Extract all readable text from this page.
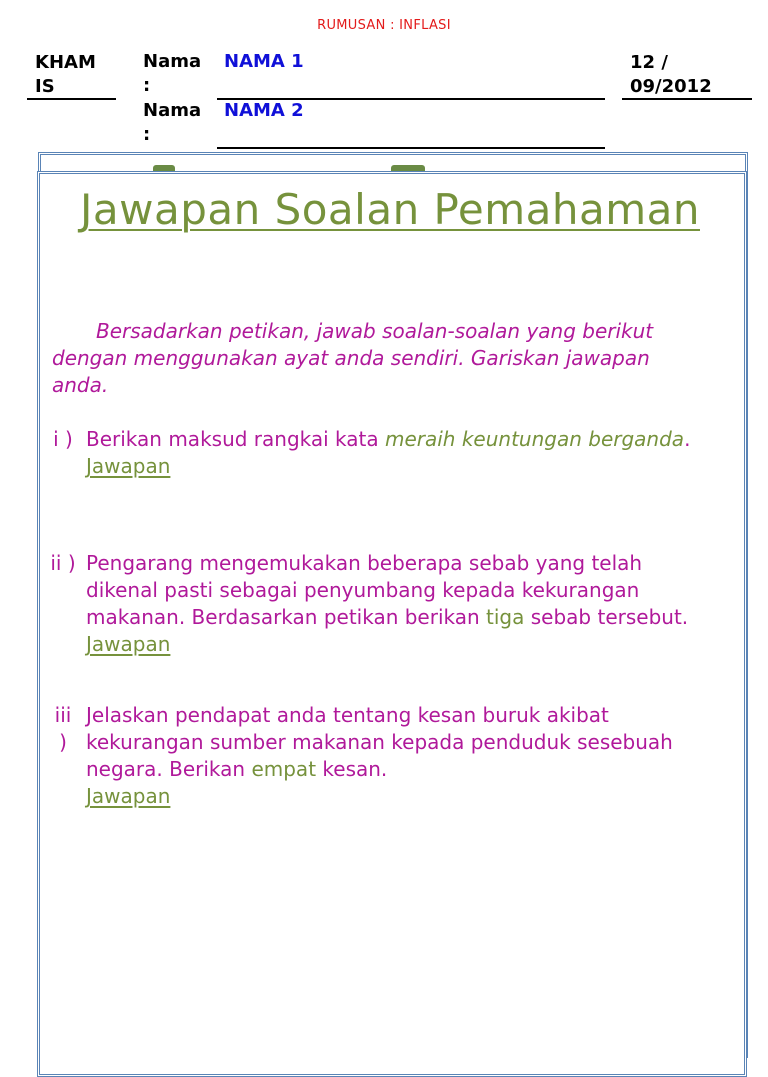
RUMUSAN : INFLASI
KHAM IS
Nama :
NAMA 1
Nama :
NAMA 2
12 / 09/2012
Jawapan Soalan Pemahaman
Bersadarkan petikan, jawab soalan-soalan yang berikut dengan menggunakan ayat anda sendiri. Gariskan jawapan anda.
i ) Berikan maksud rangkai kata meraih keuntungan berganda.
Jawapan
ii ) Pengarang mengemukakan beberapa sebab yang telah dikenal pasti sebagai penyumbang kepada kekurangan makanan. Berdasarkan petikan berikan tiga sebab tersebut.
Jawapan
iii )
Jelaskan pendapat anda tentang kesan buruk akibat kekurangan sumber makanan kepada penduduk sesebuah negara. Berikan empat kesan.
Jawapan
